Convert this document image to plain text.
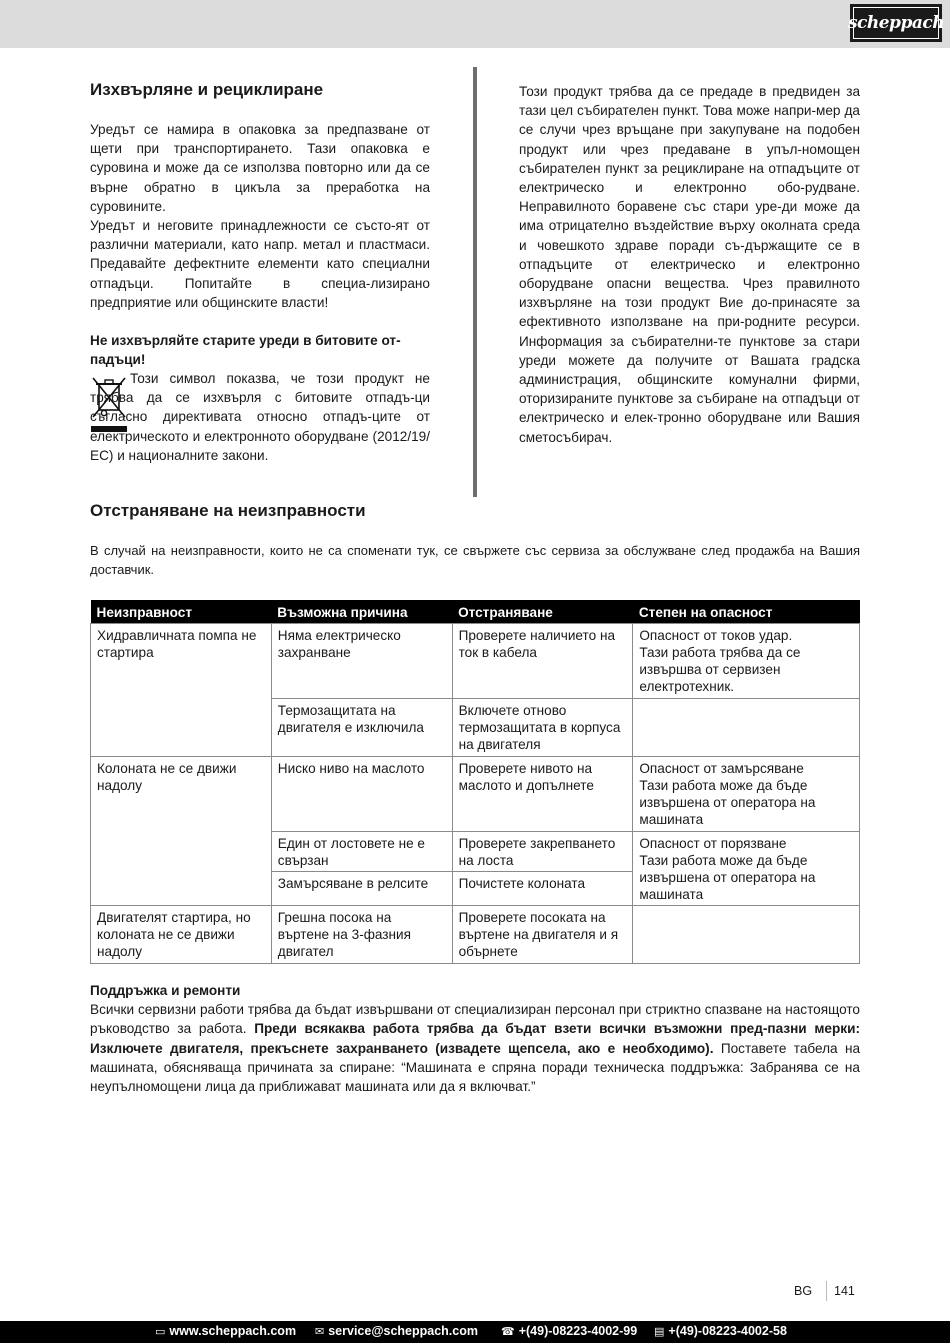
scheppach
Изхвърляне и рециклиране

Уредът се намира в опаковка за предпазване от щети при транспортирането. Тази опаковка е суровина и може да се използва повторно или да се върне обратно в цикъла за преработка на суровините.

Уредът и неговите принадлежности се състо-ят от различни материали, като напр. метал и пластмаси. Предавайте дефектните елементи като специални отпадъци. Попитайте в специа-лизирано предприятие или общинските власти!

Не изхвърляйте старите уреди в битовите от-падъци!

Този символ показва, че този продукт не трябва да се изхвърля с битовите отпадъ-ци съгласно директивата относно отпадъ-ците от електрическото и електронното оборудване (2012/19/ЕС) и националните закони.
Този продукт трябва да се предаде в предвиден за тази цел събирателен пункт. Това може напри-мер да се случи чрез връщане при закупуване на подобен продукт или чрез предаване в упъл-номощен събирателен пункт за рециклиране на отпадъците от електрическо и електронно обо-рудване. Неправилното боравене със стари уре-ди може да има отрицателно въздействие върху околната среда и човешкото здраве поради съ-държащите се в отпадъците от електрическо и електронно оборудване опасни вещества. Чрез правилното изхвърляне на този продукт Вие до-принасяте за ефективното използване на при-родните ресурси. Информация за събирателни-те пунктове за стари уреди можете да получите от Вашата градска администрация, общинските комунални фирми, оторизираните пунктове за събиране на отпадъци от електрическо и елек-тронно оборудване или Вашия сметосъбирач.
Отстраняване на неизправности
В случай на неизправности, които не са споменати тук, се свържете със сервиза за обслужване след продажба на Вашия доставчик.
Неизправност	Възможна причина	Отстраняване	Степен на опасност
Хидравличната помпа не стартира	Няма електрическо захранване	Проверете наличието на ток в кабела	Опасност от токов удар.
Тази работа трябва да се извършва от сервизен електротехник.
	Термозащитата на двигателя е изключила	Включете отново термозащитата в корпуса на двигателя	
Колоната не се движи надолу	Ниско ниво на маслото	Проверете нивото на маслото и допълнете	Опасност от замърсяване
Тази работа може да бъде извършена от оператора на машината
	Един от лостовете не е свързан	Проверете закрепването на лоста	Опасност от порязване
Тази работа може да бъде извършена от оператора на машината
	Замърсяване в релсите	Почистете колоната	
Двигателят стартира, но колоната не се движи надолу	Грешна посока на въртене на 3-фазния двигател	Проверете посоката на въртене на двигателя и я обърнете	

Поддръжка и ремонти

Всички сервизни работи трябва да бъдат извършвани от специализиран персонал при стриктно спазване на настоящото ръководство за работа. Преди всякаква работа трябва да бъдат взети всички възможни пред-пазни мерки: Изключете двигателя, прекъснете захранването (извадете щепсела, ако е необходимо). Поставете табела на машината, обясняваща причината за спиране: “Машината е спряна поради техническа поддръжка: Забранява се на неупълномощени лица да приближават машината или да я включват.”

BG 141
▭ www.scheppach.com ✉ service@scheppach.com ☎ +(49)-08223-4002-99 ▤ +(49)-08223-4002-58
